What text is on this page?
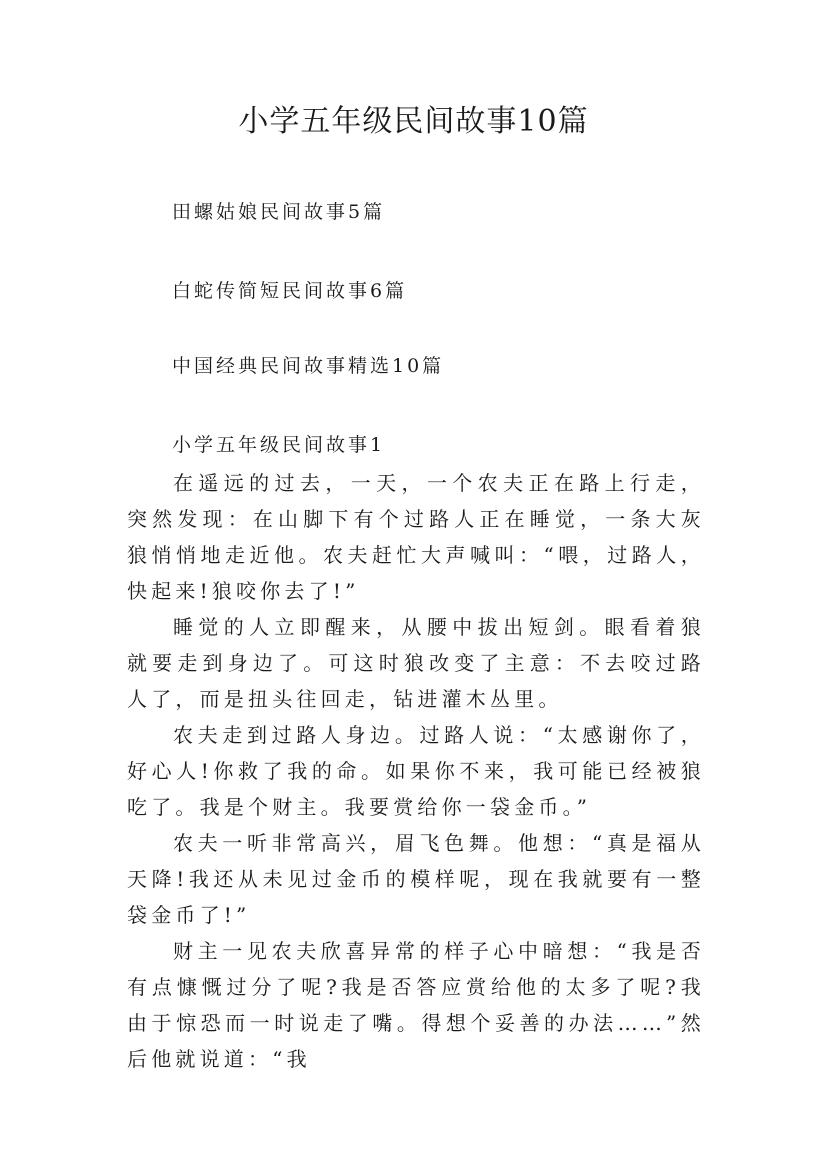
小学五年级民间故事10篇

田螺姑娘民间故事5篇

白蛇传简短民间故事6篇

中国经典民间故事精选10篇

小学五年级民间故事1

在遥远的过去，一天，一个农夫正在路上行走，突然发现：在山脚下有个过路人正在睡觉，一条大灰狼悄悄地走近他。农夫赶忙大声喊叫：“喂，过路人，快起来!狼咬你去了!”

睡觉的人立即醒来，从腰中拔出短剑。眼看着狼就要走到身边了。可这时狼改变了主意：不去咬过路人了，而是扭头往回走，钻进灌木丛里。

农夫走到过路人身边。过路人说：“太感谢你了，好心人!你救了我的命。如果你不来，我可能已经被狼吃了。我是个财主。我要赏给你一袋金币。”

农夫一听非常高兴，眉飞色舞。他想：“真是福从天降!我还从未见过金币的模样呢，现在我就要有一整袋金币了!”

财主一见农夫欣喜异常的样子心中暗想：“我是否有点慷慨过分了呢?我是否答应赏给他的太多了呢?我由于惊恐而一时说走了嘴。得想个妥善的办法……”然后他就说道：“我
